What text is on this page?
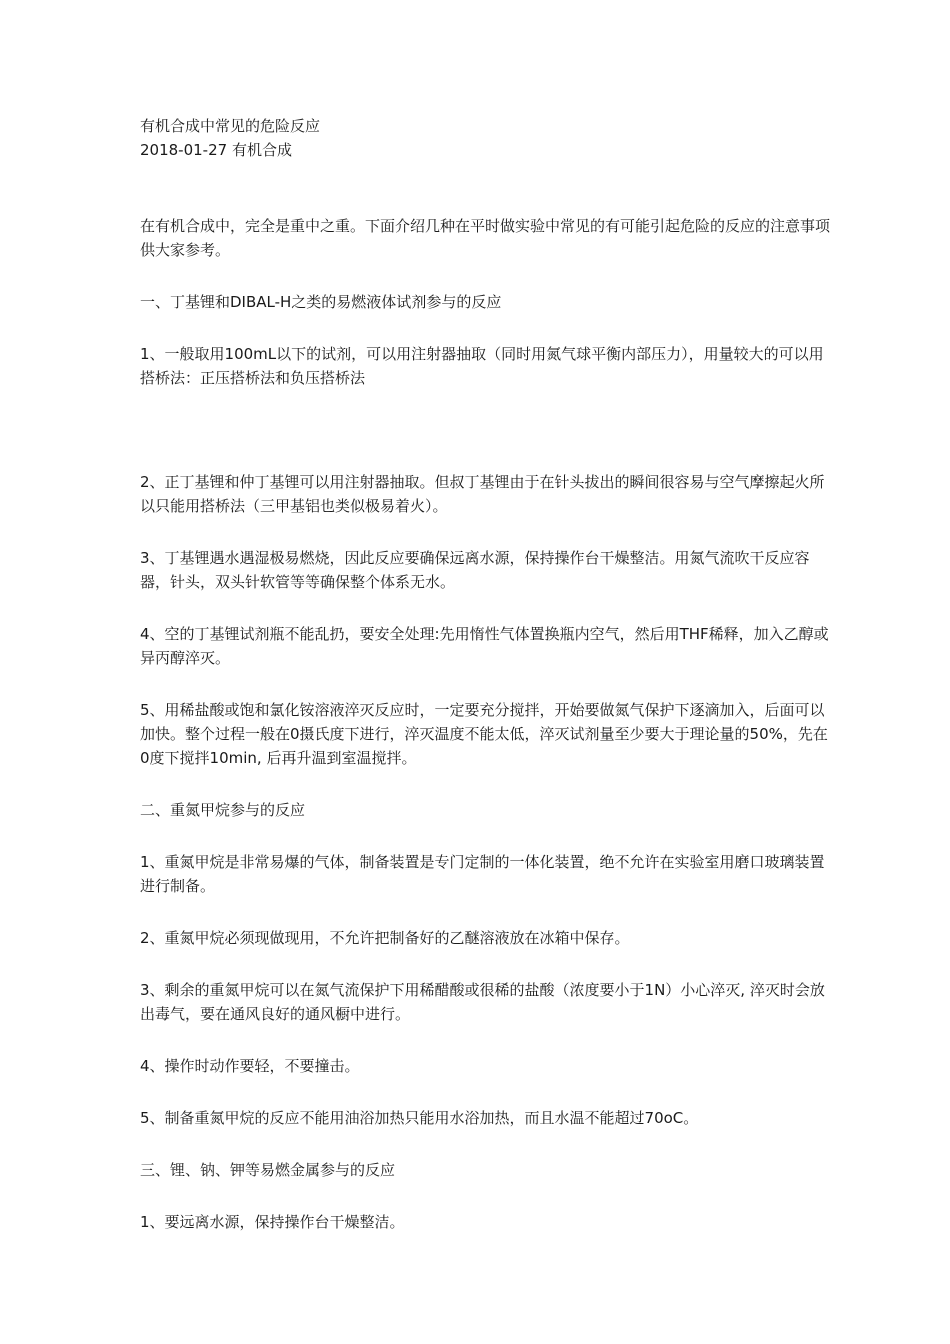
有机合成中常见的危险反应

2018-01-27 有机合成

在有机合成中，完全是重中之重。下面介绍几种在平时做实验中常见的有可能引起危险的反应的注意事项供大家参考。

一、丁基锂和DIBAL-H之类的易燃液体试剂参与的反应

1、一般取用100mL以下的试剂，可以用注射器抽取（同时用氮气球平衡内部压力），用量较大的可以用搭桥法：正压搭桥法和负压搭桥法

2、正丁基锂和仲丁基锂可以用注射器抽取。但叔丁基锂由于在针头拔出的瞬间很容易与空气摩擦起火所以只能用搭桥法（三甲基铝也类似极易着火）。

3、丁基锂遇水遇湿极易燃烧，因此反应要确保远离水源，保持操作台干燥整洁。用氮气流吹干反应容器，针头，双头针软管等等确保整个体系无水。

4、空的丁基锂试剂瓶不能乱扔，要安全处理:先用惰性气体置换瓶内空气，然后用THF稀释，加入乙醇或异丙醇淬灭。

5、用稀盐酸或饱和氯化铵溶液淬灭反应时，一定要充分搅拌，开始要做氮气保护下逐滴加入，后面可以加快。整个过程一般在0摄氏度下进行，淬灭温度不能太低，淬灭试剂量至少要大于理论量的50%，先在0度下搅拌10min, 后再升温到室温搅拌。

二、重氮甲烷参与的反应

1、重氮甲烷是非常易爆的气体，制备装置是专门定制的一体化装置，绝不允许在实验室用磨口玻璃装置进行制备。

2、重氮甲烷必须现做现用，不允许把制备好的乙醚溶液放在冰箱中保存。

3、剩余的重氮甲烷可以在氮气流保护下用稀醋酸或很稀的盐酸（浓度要小于1N）小心淬灭, 淬灭时会放出毒气，要在通风良好的通风橱中进行。

4、操作时动作要轻，不要撞击。

5、制备重氮甲烷的反应不能用油浴加热只能用水浴加热，而且水温不能超过70oC。

三、锂、钠、钾等易燃金属参与的反应

1、要远离水源，保持操作台干燥整洁。
